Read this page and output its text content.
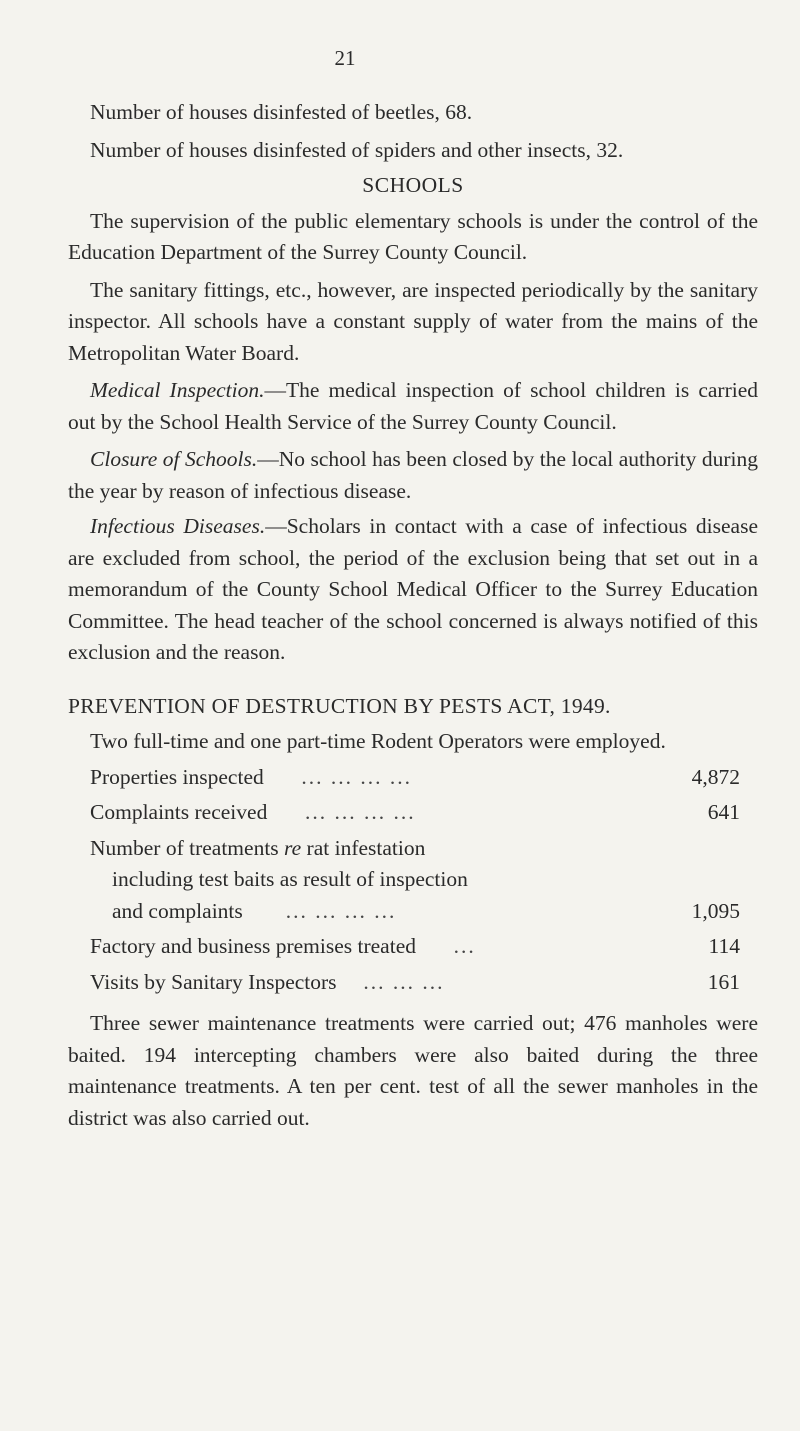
21

Number of houses disinfested of beetles, 68.

Number of houses disinfested of spiders and other insects, 32.

SCHOOLS

The supervision of the public elementary schools is under the control of the Education Department of the Surrey County Council.

The sanitary fittings, etc., however, are inspected periodically by the sanitary inspector. All schools have a constant supply of water from the mains of the Metropolitan Water Board.

Medical Inspection.—The medical inspection of school children is carried out by the School Health Service of the Surrey County Council.

Closure of Schools.—No school has been closed by the local authority during the year by reason of infectious disease.

Infectious Diseases.—Scholars in contact with a case of infectious disease are excluded from school, the period of the exclusion being that set out in a memorandum of the County School Medical Officer to the Surrey Education Committee. The head teacher of the school concerned is always notified of this exclusion and the reason.

PREVENTION OF DESTRUCTION BY PESTS ACT, 1949.

Two full-time and one part-time Rodent Operators were employed.

Properties inspected ... ... ... ...	4,872
Complaints received ... ... ... ...	641
Number of treatments re rat infestation
including test baits as result of inspection
and complaints ... ... ... ...	1,095
Factory and business premises treated ...	114
Visits by Sanitary Inspectors ... ... ...	161

Three sewer maintenance treatments were carried out; 476 manholes were baited. 194 intercepting chambers were also baited during the three maintenance treatments. A ten per cent. test of all the sewer manholes in the district was also carried out.
